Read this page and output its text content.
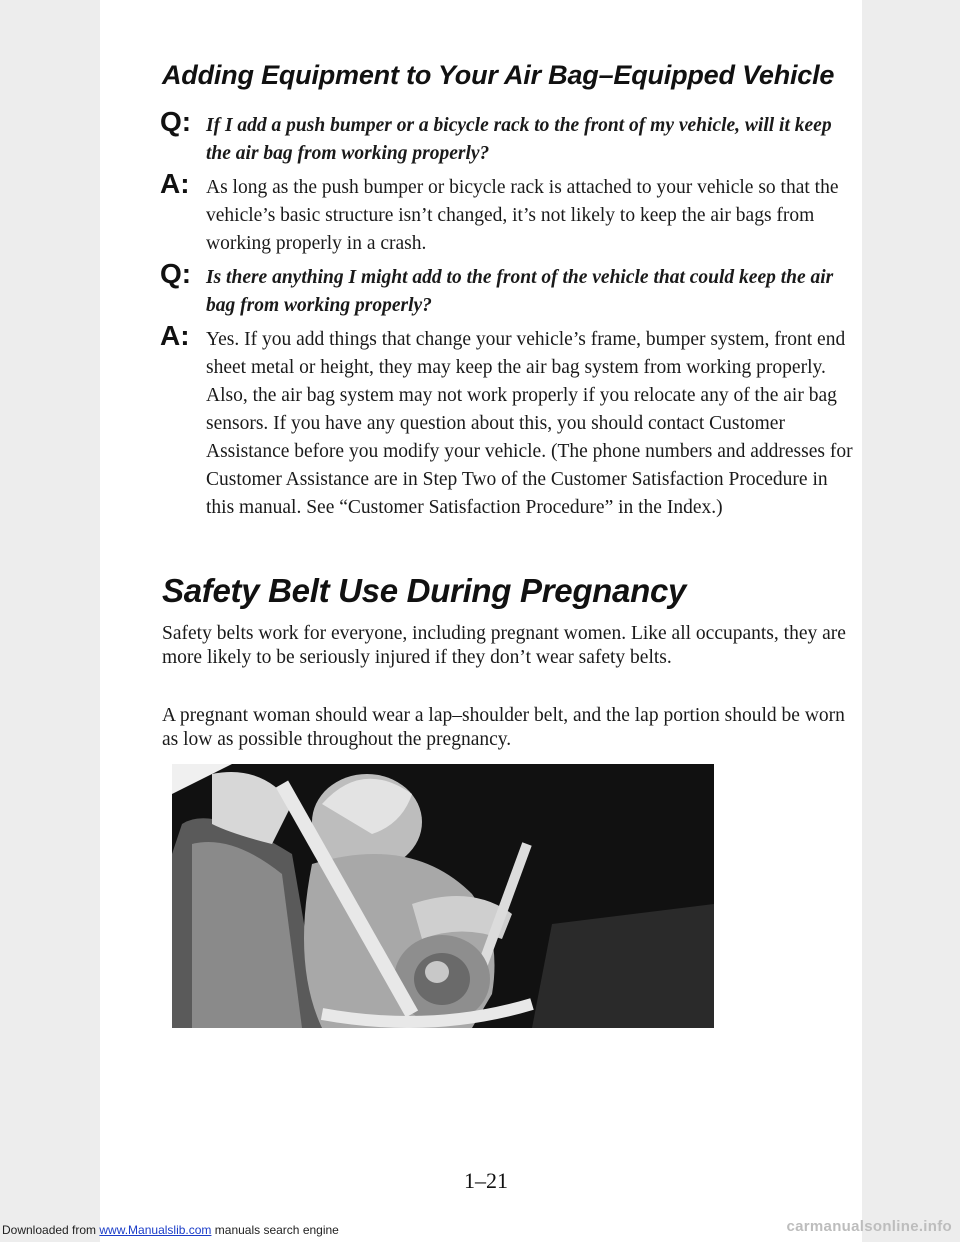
Adding Equipment to Your Air Bag–Equipped Vehicle
Q: If I add a push bumper or a bicycle rack to the front of my vehicle, will it keep the air bag from working properly?
A: As long as the push bumper or bicycle rack is attached to your vehicle so that the vehicle’s basic structure isn’t changed, it’s not likely to keep the air bags from working properly in a crash.
Q: Is there anything I might add to the front of the vehicle that could keep the air bag from working properly?
A: Yes. If you add things that change your vehicle’s frame, bumper system, front end sheet metal or height, they may keep the air bag system from working properly. Also, the air bag system may not work properly if you relocate any of the air bag sensors. If you have any question about this, you should contact Customer Assistance before you modify your vehicle. (The phone numbers and addresses for Customer Assistance are in Step Two of the Customer Satisfaction Procedure in this manual. See “Customer Satisfaction Procedure” in the Index.)
Safety Belt Use During Pregnancy

Safety belts work for everyone, including pregnant women. Like all occupants, they are more likely to be seriously injured if they don’t wear safety belts.

A pregnant woman should wear a lap–shoulder belt, and the lap portion should be worn as low as possible throughout the pregnancy.

1–21
Downloaded from www.Manualslib.com manuals search engine	carmanualsonline.info
